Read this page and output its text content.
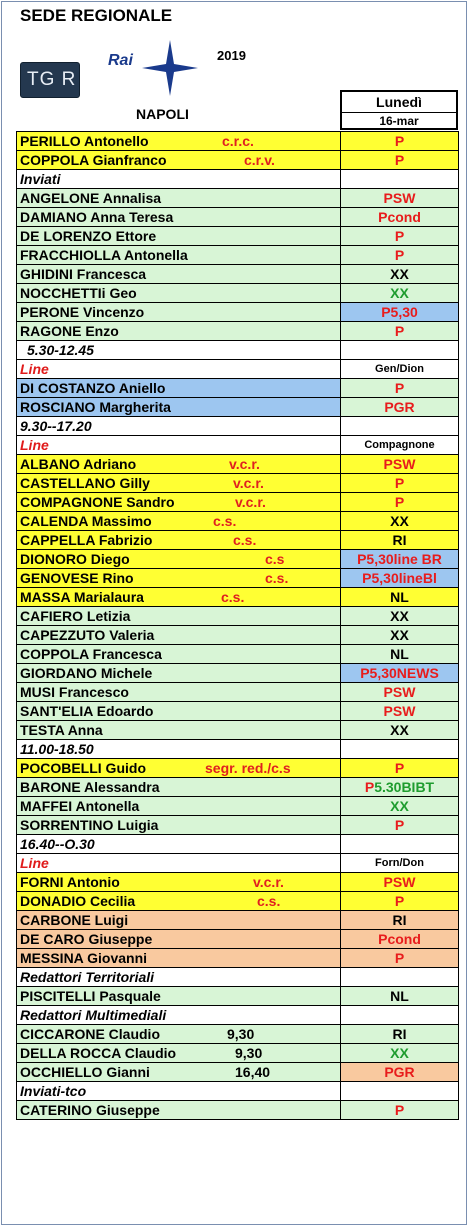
SEDE REGIONALE
TG R
Rai	2019
NAPOLI
Lunedì
16-mar
PERILLO Antonello c.r.c.	P
COPPOLA Gianfranco c.r.v.	P
Inviati	
ANGELONE Annalisa	PSW
DAMIANO Anna Teresa	Pcond
DE LORENZO Ettore	P
FRACCHIOLLA Antonella	P
GHIDINI Francesca	XX
NOCCHETTIi Geo	XX
PERONE Vincenzo	P5,30
RAGONE Enzo	P
5.30-12.45	
Line	Gen/Dion
DI COSTANZO Aniello	P
ROSCIANO Margherita	PGR
9.30--17.20	
Line	Compagnone
ALBANO Adriano v.c.r.	PSW
CASTELLANO Gilly v.c.r.	P
COMPAGNONE Sandro v.c.r.	P
CALENDA Massimo c.s.	XX
CAPPELLA Fabrizio c.s.	RI
DIONORO Diego c.s	P5,30line BR
GENOVESE Rino c.s.	P5,30lineBl
MASSA Marialaura c.s.	NL
CAFIERO Letizia	XX
CAPEZZUTO Valeria	XX
COPPOLA Francesca	NL
GIORDANO Michele	P5,30NEWS
MUSI Francesco	PSW
SANT'ELIA Edoardo	PSW
TESTA Anna	XX
11.00-18.50	
POCOBELLI Guido segr. red./c.s	P
BARONE Alessandra	P5.30BIBT
MAFFEI Antonella	XX
SORRENTINO Luigia	P
16.40--O.30	
Line	Forn/Don
FORNI Antonio v.c.r.	PSW
DONADIO Cecilia c.s.	P
CARBONE Luigi	RI
DE CARO Giuseppe	Pcond
MESSINA Giovanni	P
Redattori Territoriali	
PISCITELLI Pasquale	NL
Redattori Multimediali	
CICCARONE Claudio 9,30	RI
DELLA ROCCA Claudio 9,30	XX
OCCHIELLO Gianni 16,40	PGR
Inviati-tco	
CATERINO Giuseppe	P
